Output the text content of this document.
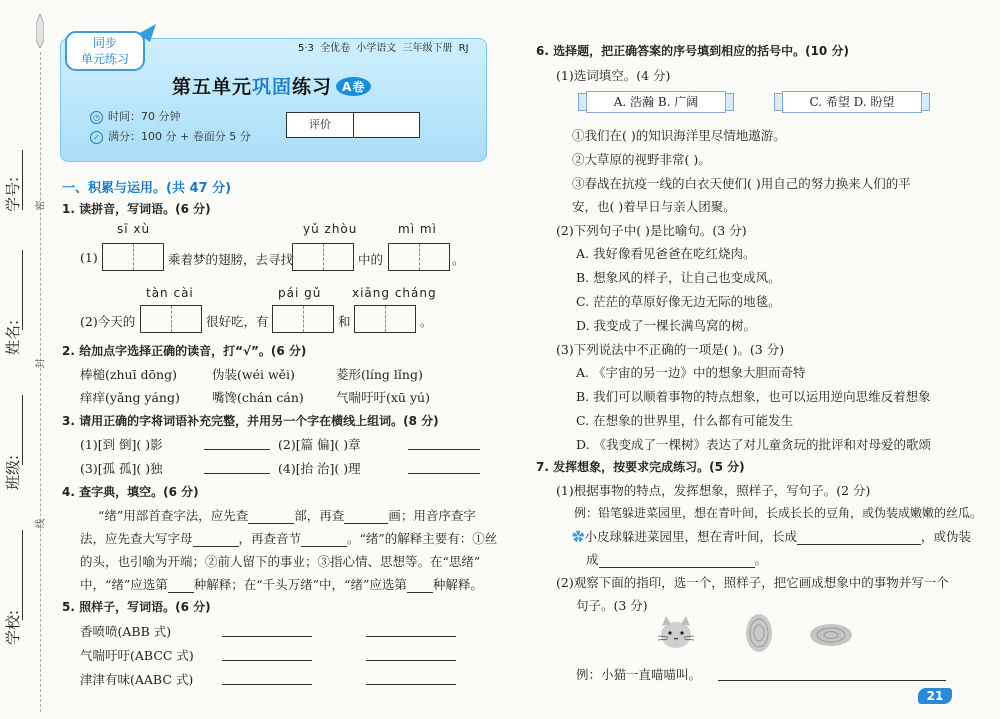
学号:
姓名:
班级:
学校:
密
封
线
同步
单元练习
5·3 全优卷 小学语文 三年级下册 RJ
第五单元巩固练习 A卷
◷ 时间：70 分钟
✓ 满分：100 分 + 卷面分 5 分
评价
一、积累与运用。(共 47 分)
1. 读拼音，写词语。(6 分)
sī xù	yǔ zhòu	mì mì
(1)	乘着梦的翅膀，去寻找	中的	。
tàn cài	pái gǔ	xiāng cháng
(2)今天的	很好吃，有	和	。
2. 给加点字选择正确的读音，打“√”。(6 分)
棒槌(zhuī dōng)	伪装(wéi wěi)	菱形(líng lǐng)
痒痒(yǎng yáng)	嘴馋(chán cán)	气喘吁吁(xū yú)
3. 请用正确的字将词语补充完整，并用另一个字在横线上组词。(8 分)
(1)[到 倒]( )影	(2)[篇 偏]( )章
(3)[孤 孤]( )独	(4)[抬 治]( )理
4. 查字典，填空。(6 分)
“绪”用部首查字法，应先查	部，再查	画；用音序查字
法，应先查大写字母	，再查音节	。“绪”的解释主要有：①丝
的头，也引喻为开端；②前人留下的事业；③指心情、思想等。在“思绪”
中，“绪”应选第 种解释；在“千头万绪”中，“绪”应选第 种解释。
5. 照样子，写词语。(6 分)
香喷喷(ABB 式)
气喘吁吁(ABCC 式)
津津有味(AABC 式)
6. 选择题，把正确答案的序号填到相应的括号中。(10 分)
(1)选词填空。(4 分)
A. 浩瀚 B. 广阔	C. 希望 D. 盼望
①我们在( )的知识海洋里尽情地遨游。
②大草原的视野非常( )。
③春战在抗疫一线的白衣天使们( )用自己的努力换来人们的平
安，也( )着早日与亲人团聚。
(2)下列句子中( )是比喻句。(3 分)
A. 我好像看见爸爸在吃红烧肉。
B. 想象风的样子，让自己也变成风。
C. 茫茫的草原好像无边无际的地毯。
D. 我变成了一棵长满鸟窝的树。
(3)下列说法中不正确的一项是( )。(3 分)
A. 《宇宙的另一边》中的想象大胆而奇特
B. 我们可以顺着事物的特点想象，也可以运用逆向思维反着想象
C. 在想象的世界里，什么都有可能发生
D. 《我变成了一棵树》表达了对儿童贪玩的批评和对母爱的歌颂
7. 发挥想象，按要求完成练习。(5 分)
(1)根据事物的特点，发挥想象，照样子，写句子。(2 分)
例：铅笔躲进菜园里，想在青叶间，长成长长的豆角，或伪装成嫩嫩的丝瓜。
✿小皮球躲进菜园里，想在青叶间，长成	，或伪装
成	。
(2)观察下面的指印，选一个，照样子，把它画成想象中的事物并写一个
句子。(3 分)
例：小猫一直喵喵叫。
21
